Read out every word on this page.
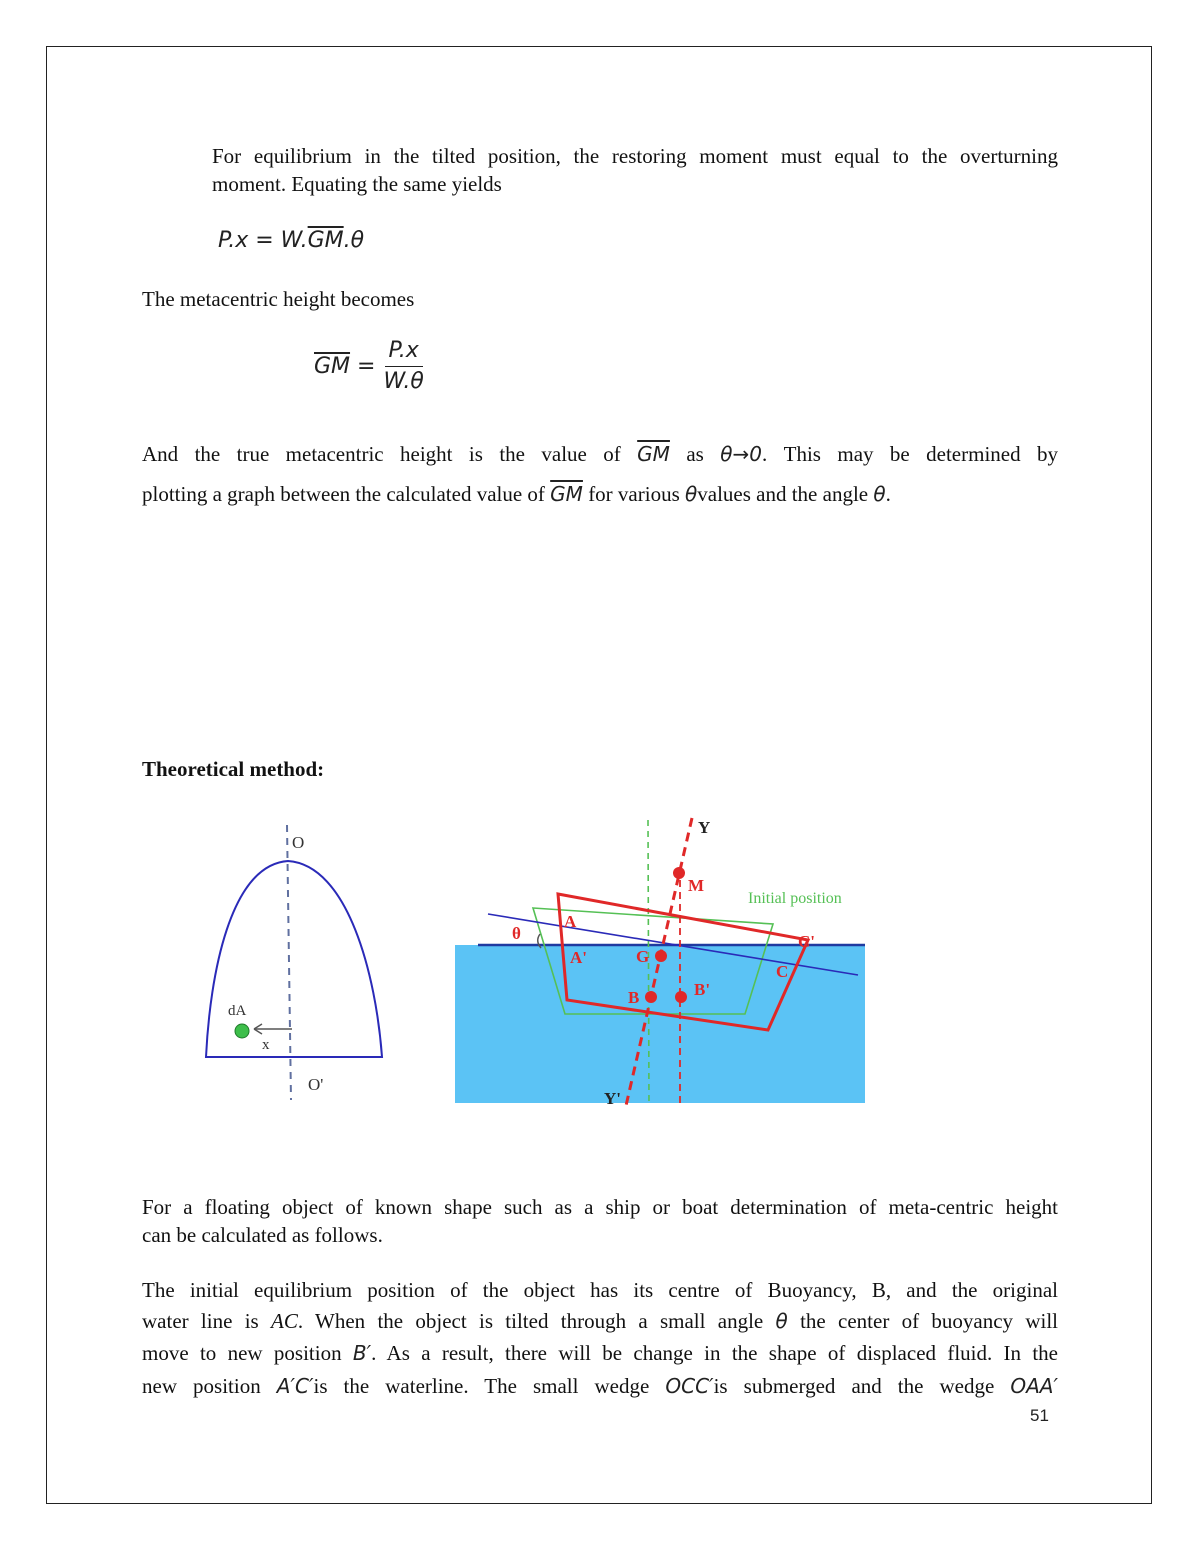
For equilibrium in the tilted position, the restoring moment must equal to the overturning

moment. Equating the same yields

$P.x = W.\overline{GM}.\theta$

The metacentric height becomes

$\overline{GM} = \frac{P.x}{W.\theta}$
And the true metacentric height is the value of $\overline{GM}$ as θ→0. This may be determined by
plotting a graph between the calculated value of $\overline{GM}$ for various θvalues and the angle θ.

Theoretical method:

O
O'
dA
x
Y
Y'
M
Initial position
θ
A
A'	G
B	B'
C
C'

For a floating object of known shape such as a ship or boat determination of meta-centric height

can be calculated as follows.

The initial equilibrium position of the object has its centre of Buoyancy, B, and the original

water line is AC. When the object is tilted through a small angle θ the center of buoyancy will
move to new position B′. As a result, there will be change in the shape of displaced fluid. In the
new position A′C′is the waterline. The small wedge OCC′is submerged and the wedge OAA′
51
